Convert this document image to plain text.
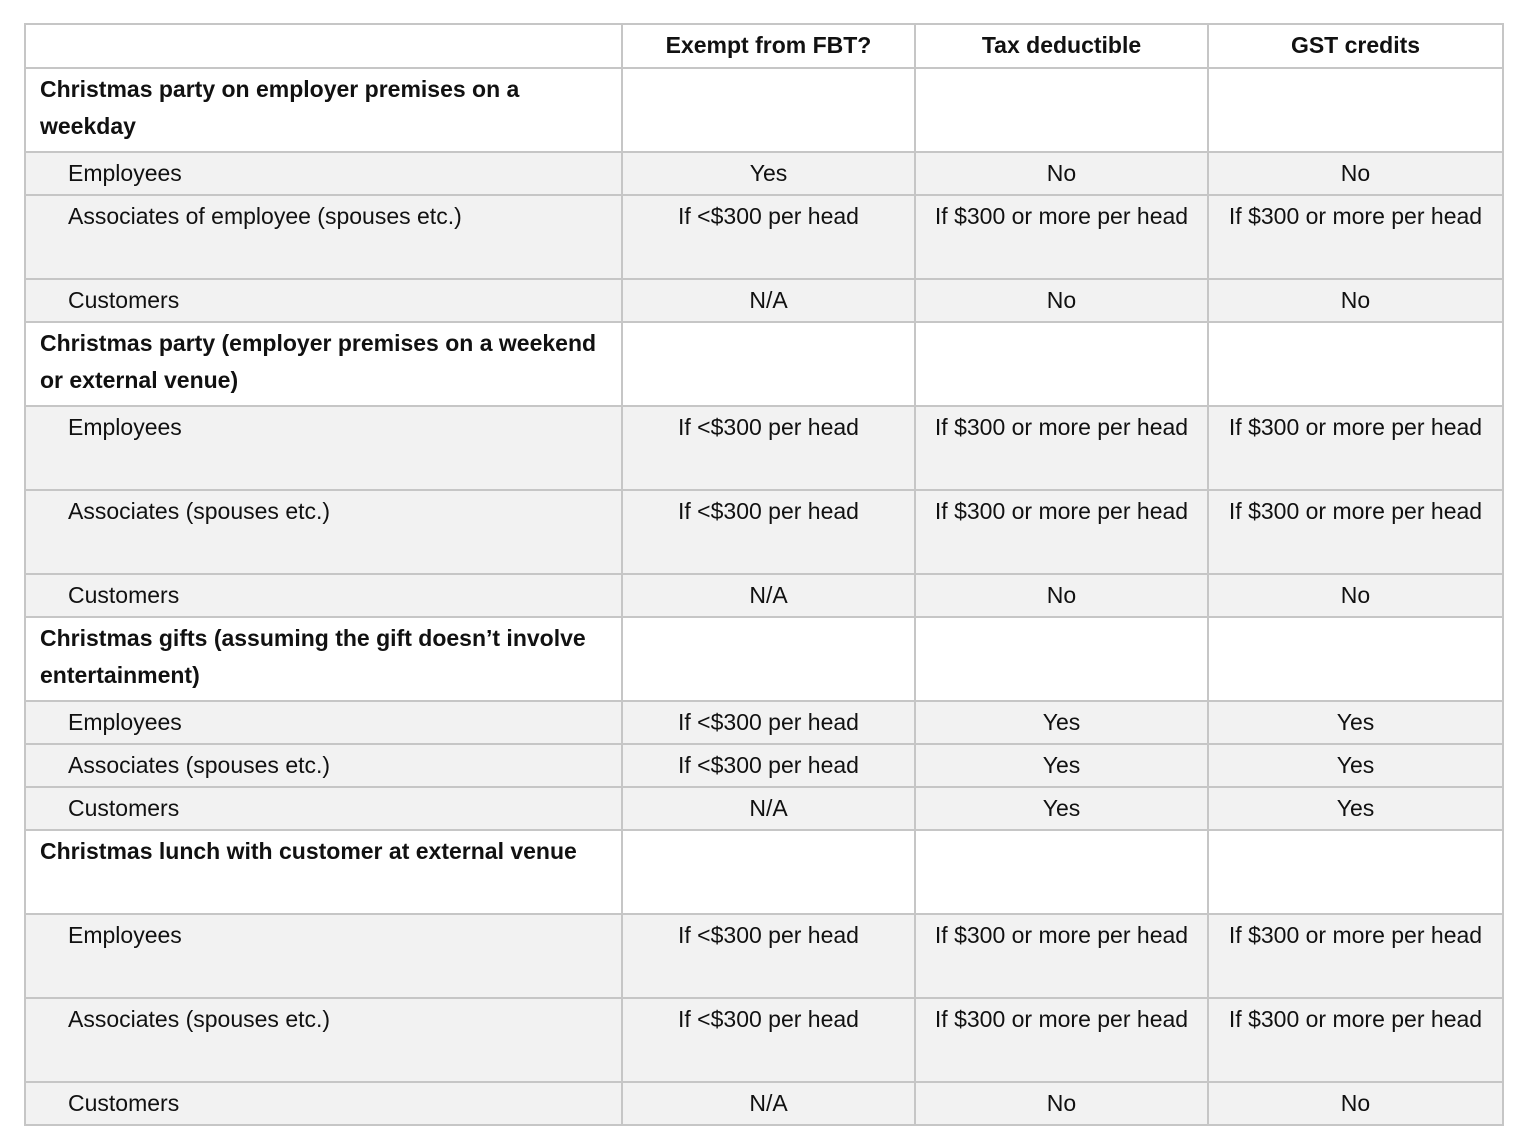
	Exempt from FBT?	Tax deductible	GST credits
Christmas party on employer premises on a weekday			
Employees	Yes	No	No
Associates of employee (spouses etc.)	If <$300 per head	If $300 or more per head	If $300 or more per head
Customers	N/A	No	No
Christmas party (employer premises on a weekend or external venue)			
Employees	If <$300 per head	If $300 or more per head	If $300 or more per head
Associates (spouses etc.)	If <$300 per head	If $300 or more per head	If $300 or more per head
Customers	N/A	No	No
Christmas gifts (assuming the gift doesn’t involve entertainment)			
Employees	If <$300 per head	Yes	Yes
Associates (spouses etc.)	If <$300 per head	Yes	Yes
Customers	N/A	Yes	Yes
Christmas lunch with customer at external venue			
Employees	If <$300 per head	If $300 or more per head	If $300 or more per head
Associates (spouses etc.)	If <$300 per head	If $300 or more per head	If $300 or more per head
Customers	N/A	No	No
